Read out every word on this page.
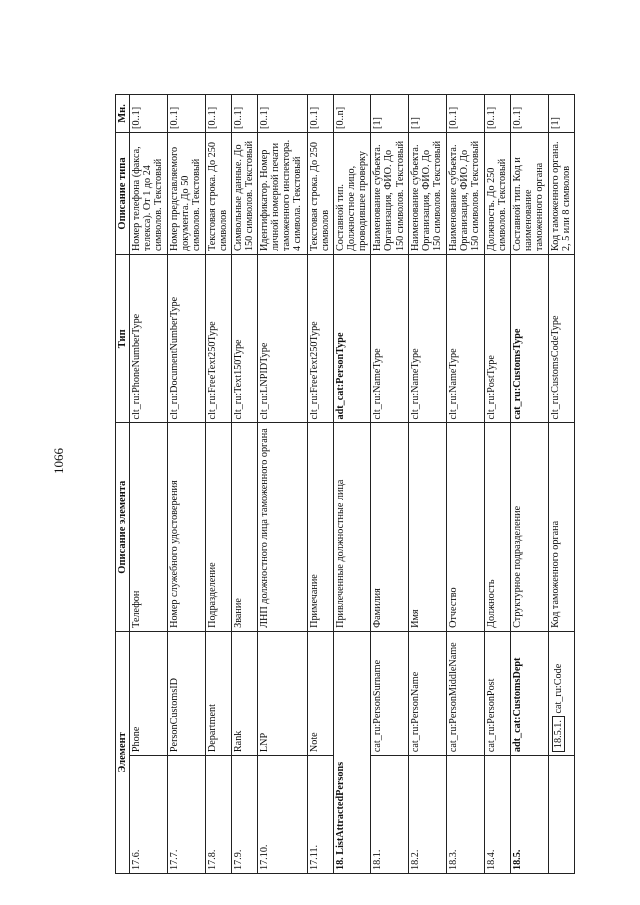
1066
Элемент		Описание элемента	Тип	Описание типа	Мн.
17.6.	Phone	Телефон	clt_ru:PhoneNumberType	Номер телефона (факса, телекса). От 1 до 24 символов. Текстовый	[0..1]
17.7.	PersonCustomsID	Номер служебного удостоверения	clt_ru:DocumentNumberType	Номер представляемого документа. До 50 символов. Текстовый	[0..1]
17.8.	Department	Подразделение	clt_ru:FreeText250Type	Текстовая строка. До 250 символов	[0..1]
17.9.	Rank	Звание	clt_ru:Text150Type	Символьные данные. До 150 символов. Текстовый	[0..1]
17.10.	LNP	ЛНП должностного лица таможенного органа	clt_ru:LNPIDType	Идентификатор. Номер личной номерной печати таможенного инспектора. 4 символа. Текстовый	[0..1]
17.11.	Note	Примечание	clt_ru:FreeText250Type	Текстовая строка. До 250 символов	[0..1]
18. ListAttractedPersons		Привлеченные должностные лица	adt_cat:PersonType	Составной тип. Должностное лицо, проводившее проверку	[0..n]
18.1.	cat_ru:PersonSurname	Фамилия	clt_ru:NameType	Наименование субъекта. Организация, ФИО. До 150 символов. Текстовый	[1]
18.2.	cat_ru:PersonName	Имя	clt_ru:NameType	Наименование субъекта. Организация, ФИО. До 150 символов. Текстовый	[1]
18.3.	cat_ru:PersonMiddleName	Отчество	clt_ru:NameType	Наименование субъекта. Организация, ФИО. До 150 символов. Текстовый	[0..1]
18.4.	cat_ru:PersonPost	Должность	clt_ru:PostType	Должность. До 250 символов. Текстовый	[0..1]
18.5.	adt_cat:CustomsDept	Структурное подразделение	cat_ru:CustomsType	Составной тип. Код и наименование таможенного органа	[0..1]
	18.5.1. cat_ru:Code	Код таможенного органа	clt_ru:CustomsCodeType	Код таможенного органа. 2, 5 или 8 символов	[1]
